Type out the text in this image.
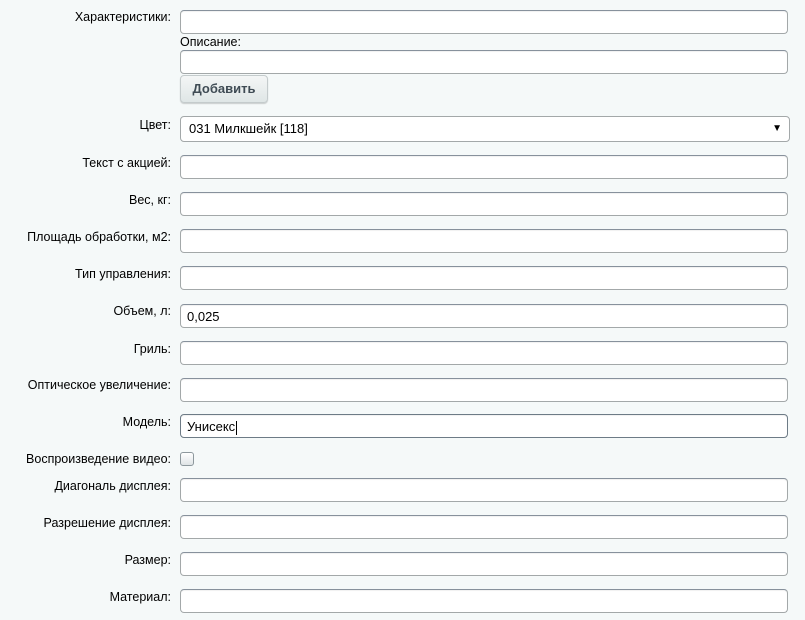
Характеристики:
Описание:
Добавить
Цвет:	031 Милкшейк [118]	▼
Текст с акцией:
Вес, кг:
Площадь обработки, м2:
Тип управления:
Объем, л:	0,025
Гриль:
Оптическое увеличение:
Модель:	Унисекс
Воспроизведение видео:
Диагональ дисплея:
Разрешение дисплея:
Размер:
Материал:
